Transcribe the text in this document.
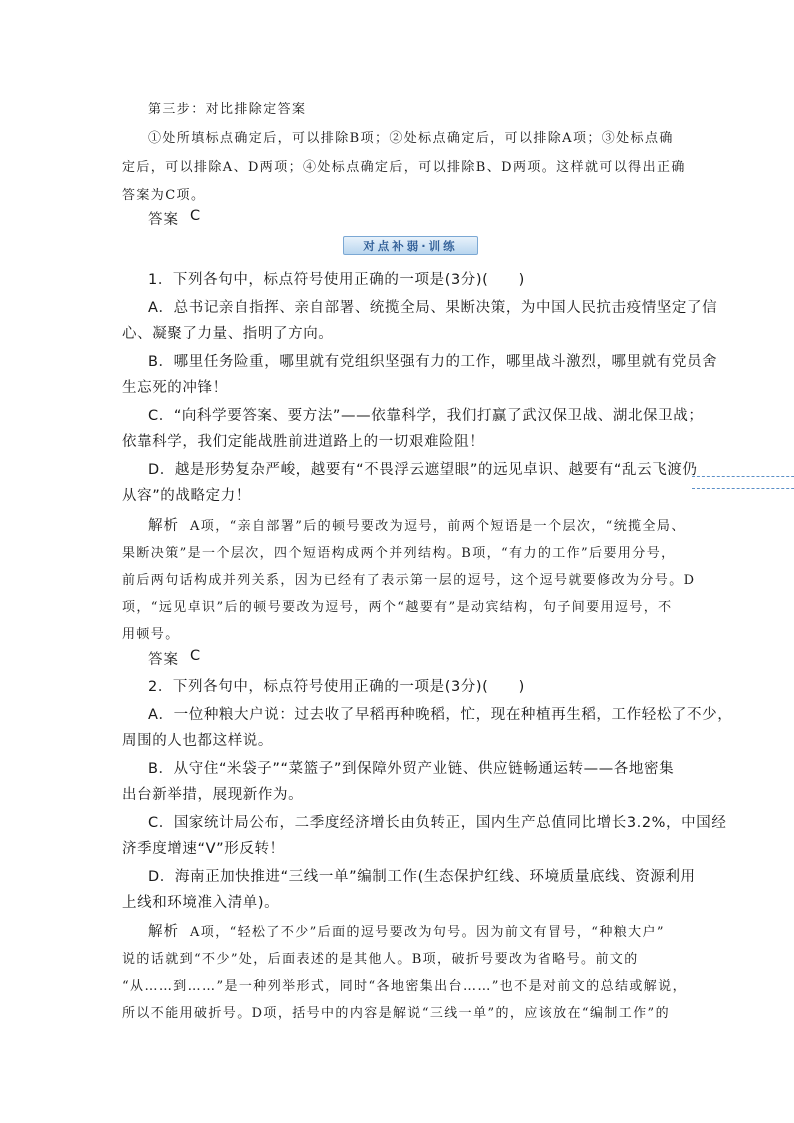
第三步：对比排除定答案
①处所填标点确定后，可以排除B项；②处标点确定后，可以排除A项；③处标点确
定后，可以排除A、D两项；④处标点确定后，可以排除B、D两项。这样就可以得出正确
答案为C项。
答案 C
对点补弱·训练
1．下列各句中，标点符号使用正确的一项是(3分)(　　)
A．总书记亲自指挥、亲自部署、统揽全局、果断决策，为中国人民抗击疫情坚定了信
心、凝聚了力量、指明了方向。
B．哪里任务险重，哪里就有党组织坚强有力的工作，哪里战斗激烈，哪里就有党员舍
生忘死的冲锋！
C．“向科学要答案、要方法”——依靠科学，我们打赢了武汉保卫战、湖北保卫战；
依靠科学，我们定能战胜前进道路上的一切艰难险阻！
D．越是形势复杂严峻，越要有“不畏浮云遮望眼”的远见卓识、越要有“乱云飞渡仍
从容”的战略定力！
解析 A项，“亲自部署”后的顿号要改为逗号，前两个短语是一个层次，“统揽全局、
果断决策”是一个层次，四个短语构成两个并列结构。B项，“有力的工作”后要用分号，
前后两句话构成并列关系，因为已经有了表示第一层的逗号，这个逗号就要修改为分号。D
项，“远见卓识”后的顿号要改为逗号，两个“越要有”是动宾结构，句子间要用逗号，不
用顿号。
答案 C
2．下列各句中，标点符号使用正确的一项是(3分)(　　)
A．一位种粮大户说：过去收了早稻再种晚稻，忙，现在种植再生稻，工作轻松了不少，
周围的人也都这样说。
B．从守住“米袋子”“菜篮子”到保障外贸产业链、供应链畅通运转——各地密集
出台新举措，展现新作为。
C．国家统计局公布，二季度经济增长由负转正，国内生产总值同比增长3.2%，中国经
济季度增速“V”形反转！
D．海南正加快推进“三线一单”编制工作(生态保护红线、环境质量底线、资源利用
上线和环境准入清单)。
解析 A项，“轻松了不少”后面的逗号要改为句号。因为前文有冒号，“种粮大户”
说的话就到“不少”处，后面表述的是其他人。B项，破折号要改为省略号。前文的
“从……到……”是一种列举形式，同时“各地密集出台……”也不是对前文的总结或解说，
所以不能用破折号。D项，括号中的内容是解说“三线一单”的，应该放在“编制工作”的
